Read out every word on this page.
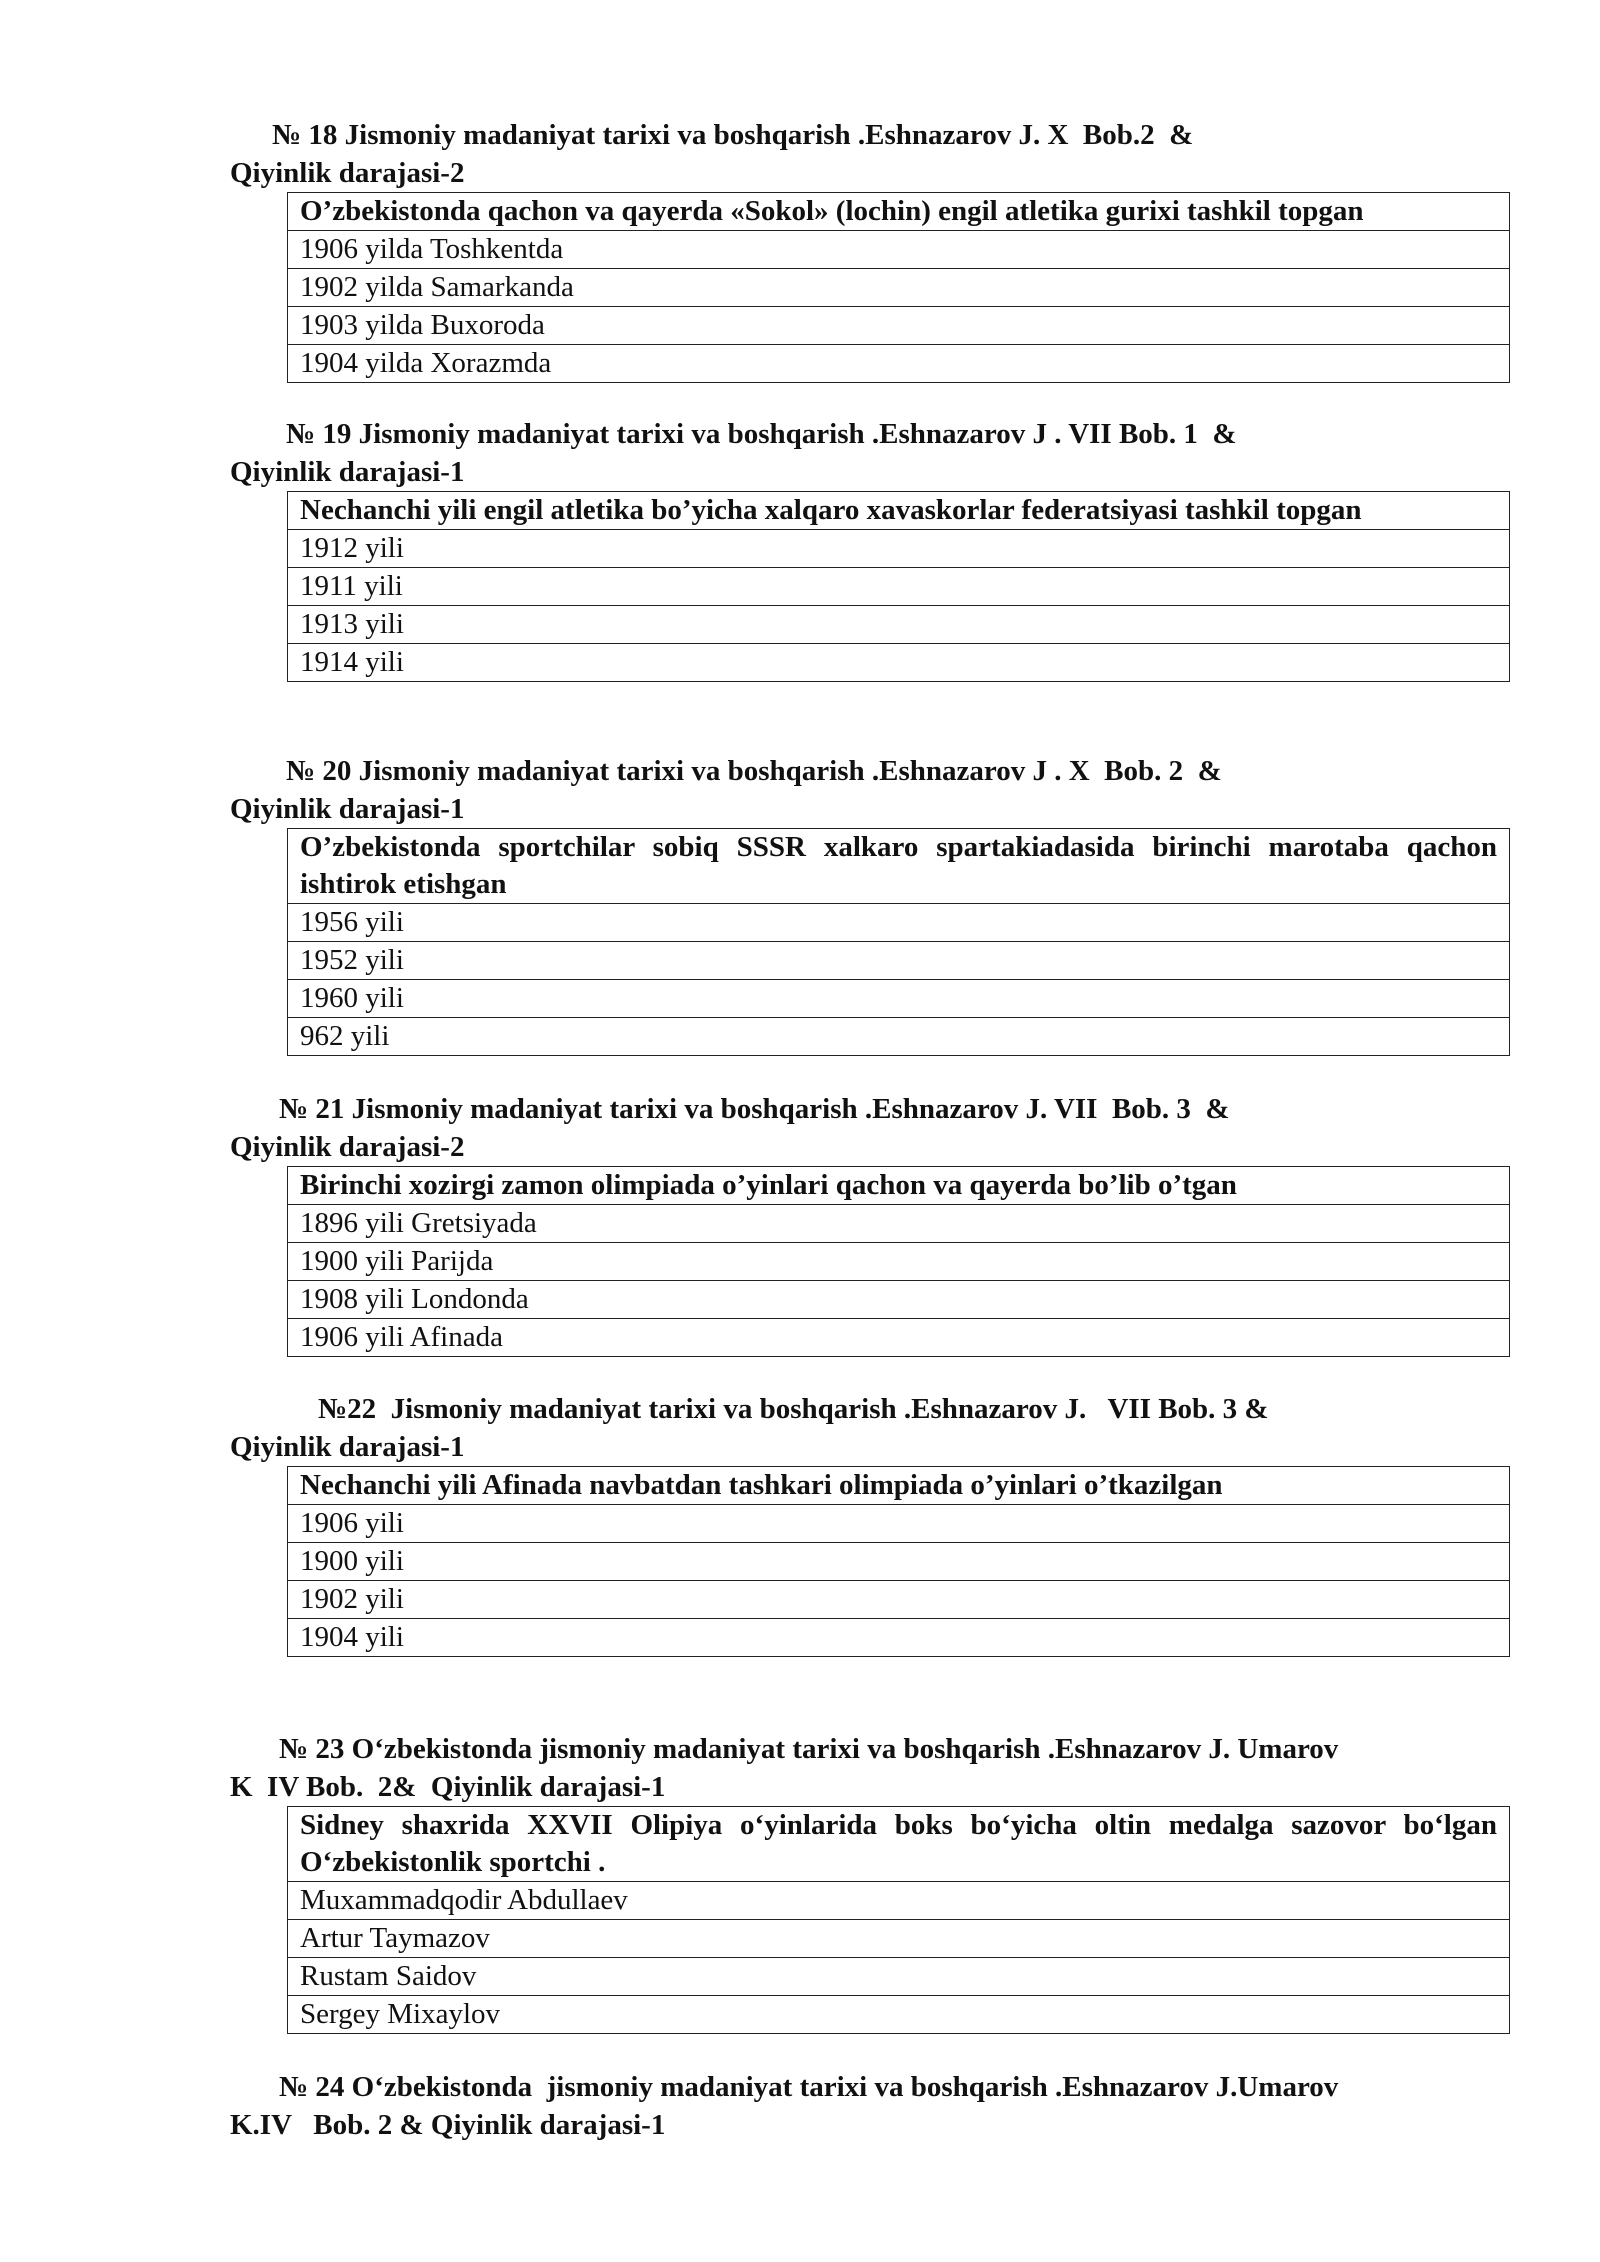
№ 18 Jismoniy madaniyat tarixi va boshqarish .Eshnazarov J. X  Bob.2  &
Qiyinlik darajasi-2
O’zbekistonda qachon va qayerda «Sokol» (lochin) engil atletika gurixi tashkil topgan
1906 yilda Toshkentda
1902 yilda Samarkanda
1903 yilda Buxoroda
1904 yilda Xorazmda
№ 19 Jismoniy madaniyat tarixi va boshqarish .Eshnazarov J . VII Bob. 1  &
Qiyinlik darajasi-1
Nechanchi yili engil atletika bo’yicha xalqaro xavaskorlar federatsiyasi tashkil topgan
1912 yili
1911 yili
1913 yili
1914 yili
№ 20 Jismoniy madaniyat tarixi va boshqarish .Eshnazarov J . X  Bob. 2  &
Qiyinlik darajasi-1
O’zbekistonda sportchilar sobiq SSSR xalkaro spartakiadasida birinchi marotaba qachon ishtirok etishgan
1956 yili
1952 yili
1960 yili
962 yili
№ 21 Jismoniy madaniyat tarixi va boshqarish .Eshnazarov J. VII  Bob. 3  &
Qiyinlik darajasi-2
Birinchi xozirgi zamon olimpiada o’yinlari qachon va qayerda bo’lib o’tgan
1896 yili Gretsiyada
1900 yili Parijda
1908 yili Londonda
1906 yili Afinada
№22  Jismoniy madaniyat tarixi va boshqarish .Eshnazarov J.   VII Bob. 3 &
Qiyinlik darajasi-1
Nechanchi yili Afinada navbatdan tashkari olimpiada o’yinlari o’tkazilgan
1906 yili
1900 yili
1902 yili
1904 yili
№ 23 O‘zbekistonda jismoniy madaniyat tarixi va boshqarish .Eshnazarov J. Umarov
K  IV Bob.  2&  Qiyinlik darajasi-1
Sidney shaxrida XXVII Olipiya o‘yinlarida boks bo‘yicha oltin medalga sazovor bo‘lgan O‘zbekistonlik sportchi .
Muxammadqodir Abdullaev
Artur Taymazov
Rustam Saidov
Sergey Mixaylov
№ 24 O‘zbekistonda  jismoniy madaniyat tarixi va boshqarish .Eshnazarov J.Umarov
K.IV   Bob. 2 & Qiyinlik darajasi-1
